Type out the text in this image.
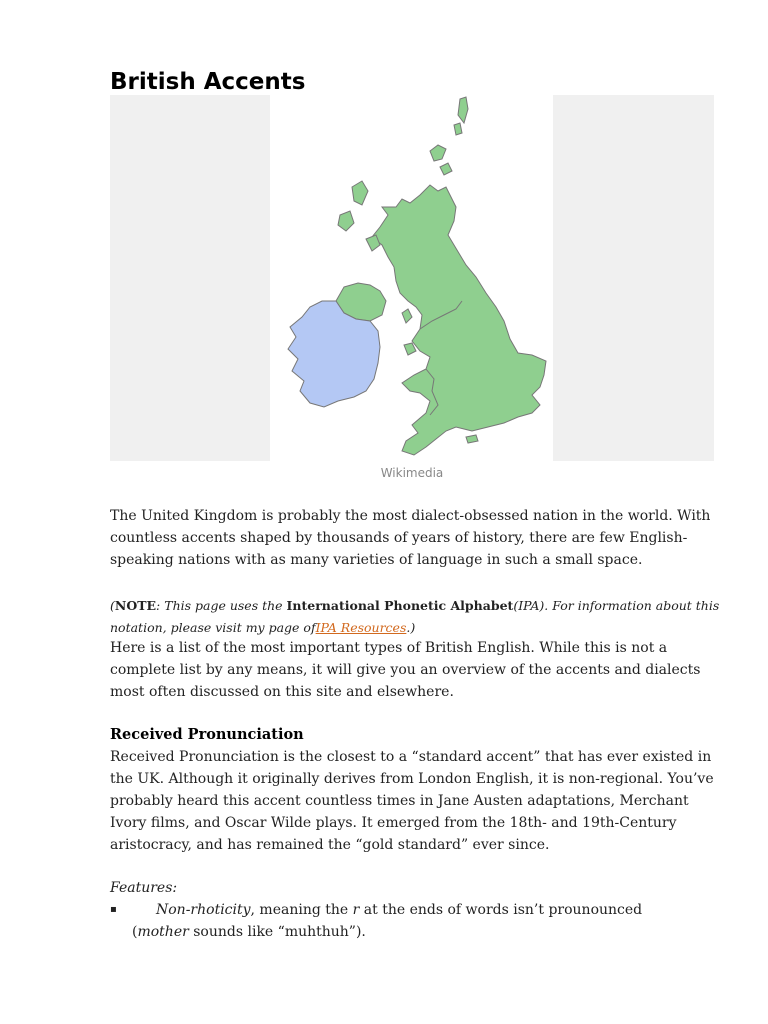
British Accents
Wikimedia

The United Kingdom is probably the most dialect-obsessed nation in the world. With countless accents shaped by thousands of years of history, there are few English-speaking nations with as many varieties of language in such a small space.

(NOTE: This page uses the International Phonetic Alphabet(IPA). For information about this notation, please visit my page ofIPA Resources.)

Here is a list of the most important types of British English. While this is not a complete list by any means, it will give you an overview of the accents and dialects most often discussed on this site and elsewhere.

Received Pronunciation

Received Pronunciation is the closest to a “standard accent” that has ever existed in the UK. Although it originally derives from London English, it is non-regional. You’ve probably heard this accent countless times in Jane Austen adaptations, Merchant Ivory films, and Oscar Wilde plays. It emerged from the 18th- and 19th-Century aristocracy, and has remained the “gold standard” ever since.

Features:

▪	Non-rhoticity, meaning the r at the ends of words isn’t prounounced
(mother sounds like “muhthuh”).
